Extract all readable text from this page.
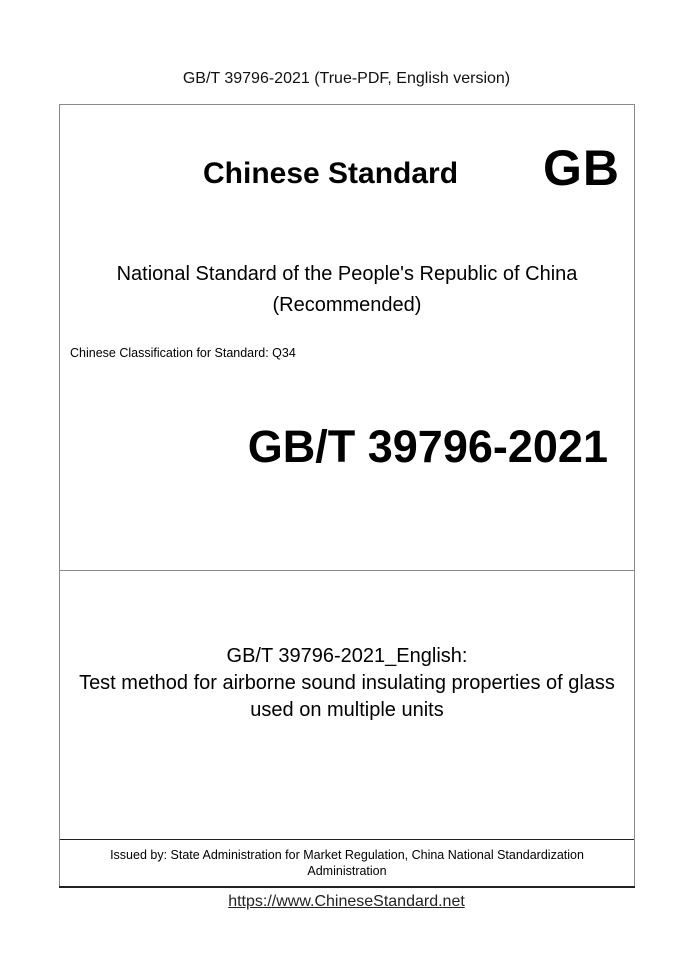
GB/T 39796-2021 (True-PDF, English version)
Chinese Standard GB
National Standard of the People's Republic of China
(Recommended)
Chinese Classification for Standard: Q34
GB/T 39796-2021
GB/T 39796-2021_English:
Test method for airborne sound insulating properties of glass
used on multiple units
Issued by: State Administration for Market Regulation, China National Standardization
Administration
https://www.ChineseStandard.net
